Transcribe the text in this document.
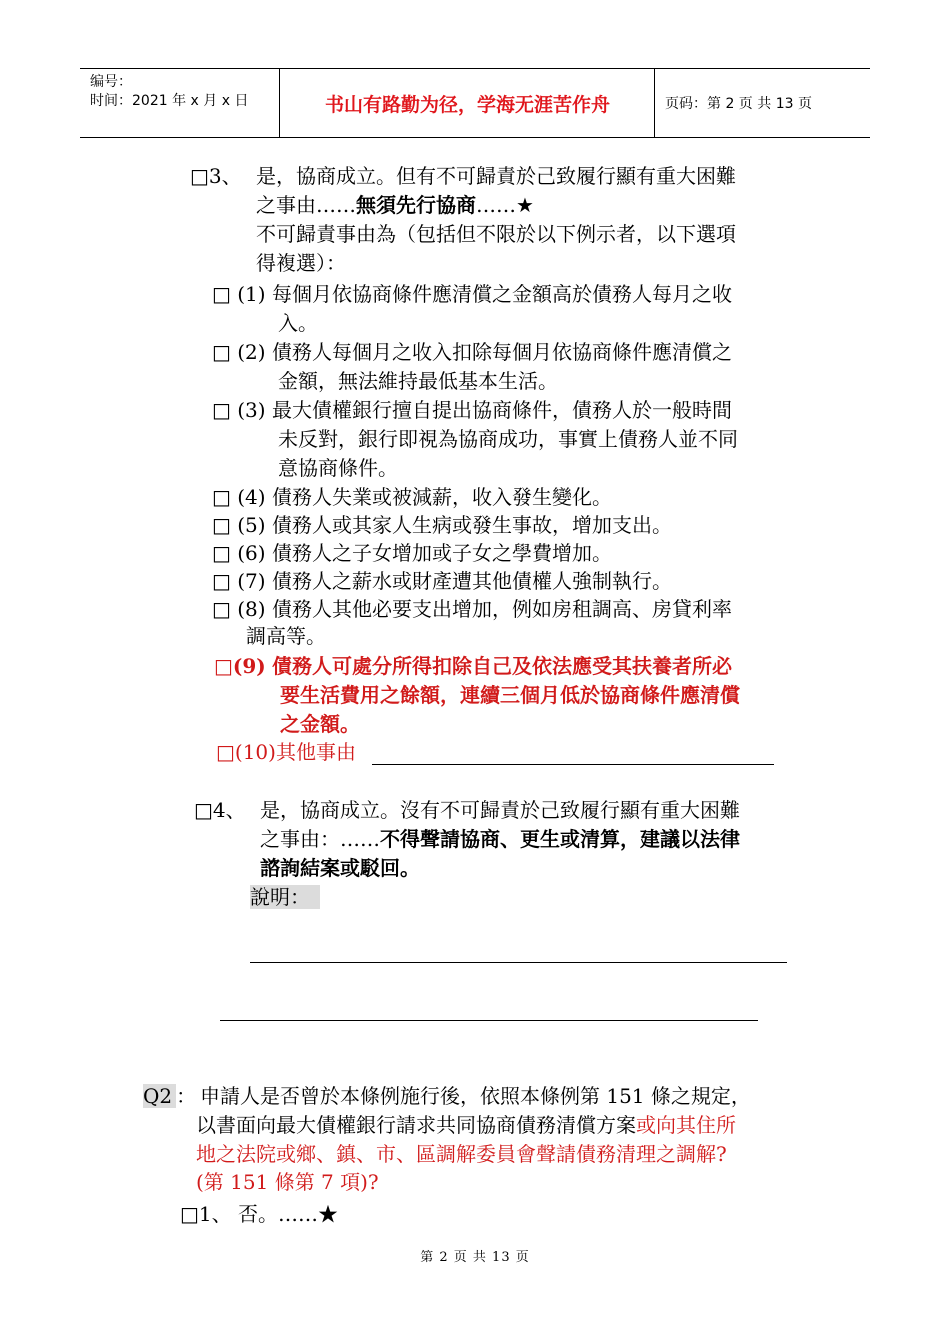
编号：
时间：2021 年 x 月 x 日	书山有路勤为径，学海无涯苦作舟	页码：第 2 页 共 13 页
□3、 是，協商成立。但有不可歸責於己致履行顯有重大困難
之事由……無須先行協商……★
不可歸責事由為（包括但不限於以下例示者，以下選項
得複選）：
□ (1) 每個月依協商條件應清償之金額高於債務人每月之收
入。
□ (2) 債務人每個月之收入扣除每個月依協商條件應清償之
金額，無法維持最低基本生活。
□ (3) 最大債權銀行擅自提出協商條件，債務人於一般時間
未反對，銀行即視為協商成功，事實上債務人並不同
意協商條件。
□ (4) 債務人失業或被減薪，收入發生變化。
□ (5) 債務人或其家人生病或發生事故，增加支出。
□ (6) 債務人之子女增加或子女之學費增加。
□ (7) 債務人之薪水或財產遭其他債權人強制執行。
□ (8) 債務人其他必要支出增加，例如房租調高、房貸利率
調高等。
□(9) 債務人可處分所得扣除自己及依法應受其扶養者所必
要生活費用之餘額，連續三個月低於協商條件應清償
之金額。
□(10)其他事由
□4、 是，協商成立。沒有不可歸責於己致履行顯有重大困難
之事由：……不得聲請協商、更生或清算，建議以法律
諮詢結案或駁回。
說明：
Q2 ： 申請人是否曾於本條例施行後，依照本條例第 151 條之規定，
以書面向最大債權銀行請求共同協商債務清償方案或向其住所
地之法院或鄉、鎮、市、區調解委員會聲請債務清理之調解?
(第 151 條第 7 項)?
□1、 否。……★
第 2 页 共 13 页
